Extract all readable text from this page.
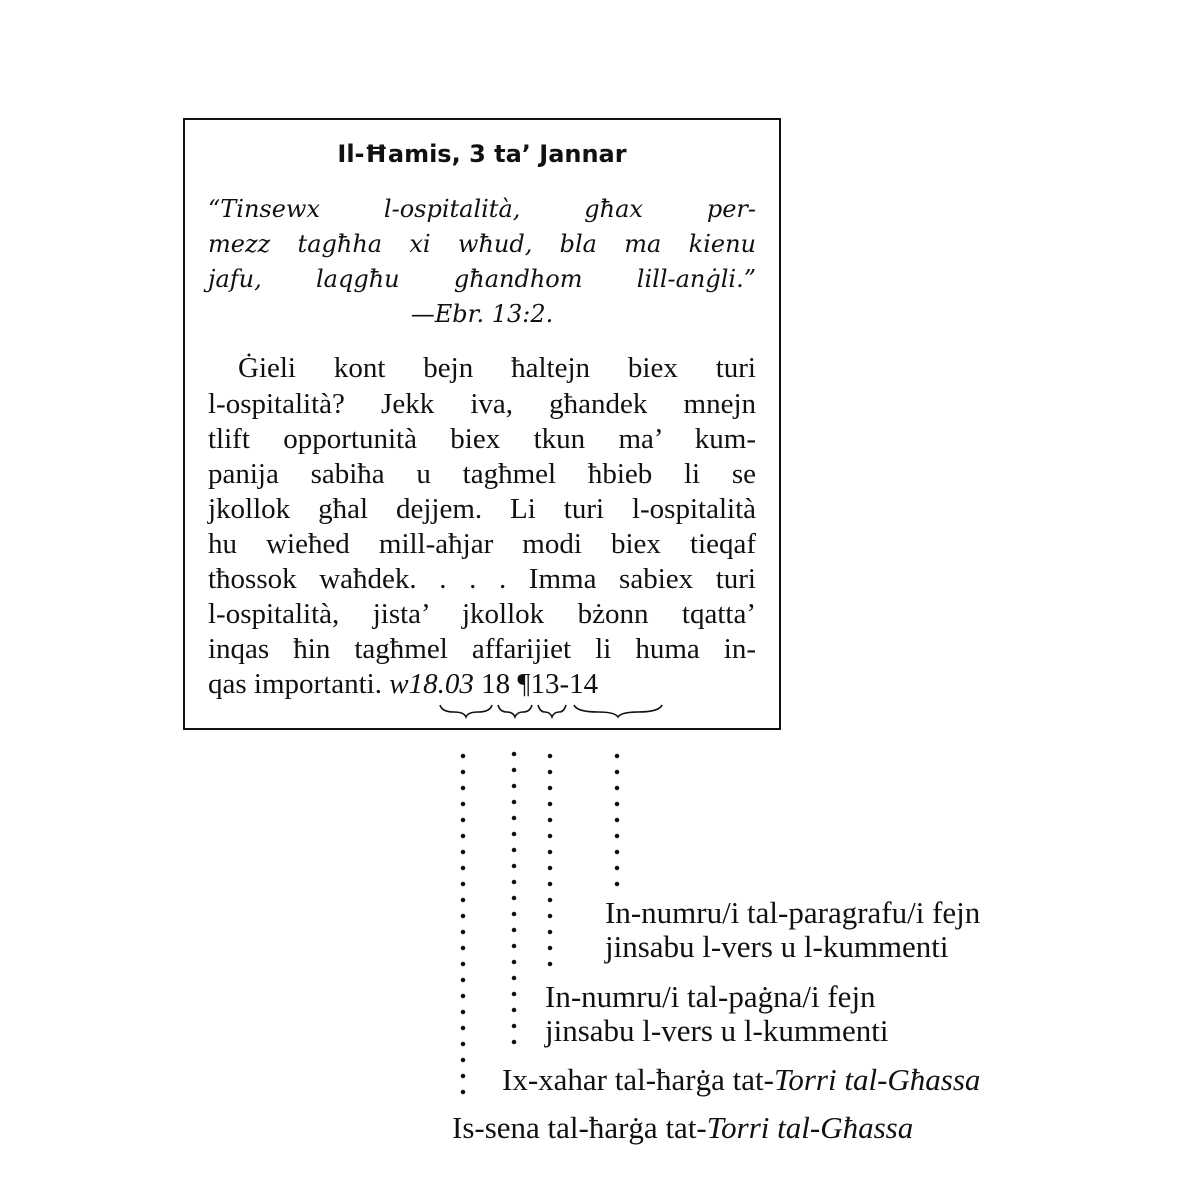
Il-Ħamis, 3 ta’ Jannar
“Tinsewx l-ospitalità, għax per-
mezz tagħha xi wħud, bla ma kienu
jafu, laqgħu għandhom lill-anġli.”
—Ebr. 13:2.
Ġieli kont bejn ħaltejn biex turi
l-ospitalità? Jekk iva, għandek mnejn
tlift opportunità biex tkun ma’ kum-
panija sabiħa u tagħmel ħbieb li se
jkollok għal dejjem. Li turi l-ospitalità
hu wieħed mill-aħjar modi biex tieqaf
tħossok waħdek. . . . Imma sabiex turi
l-ospitalità, jista’ jkollok bżonn tqatta’
inqas ħin tagħmel affarijiet li huma in-
qas importanti. w18.03 18 ¶13-14
In-numru/i tal-paragrafu/i fejn
jinsabu l-vers u l-kummenti
In-numru/i tal-paġna/i fejn
jinsabu l-vers u l-kummenti
Ix-xahar tal-ħarġa tat-Torri tal-Għassa
Is-sena tal-ħarġa tat-Torri tal-Għassa
